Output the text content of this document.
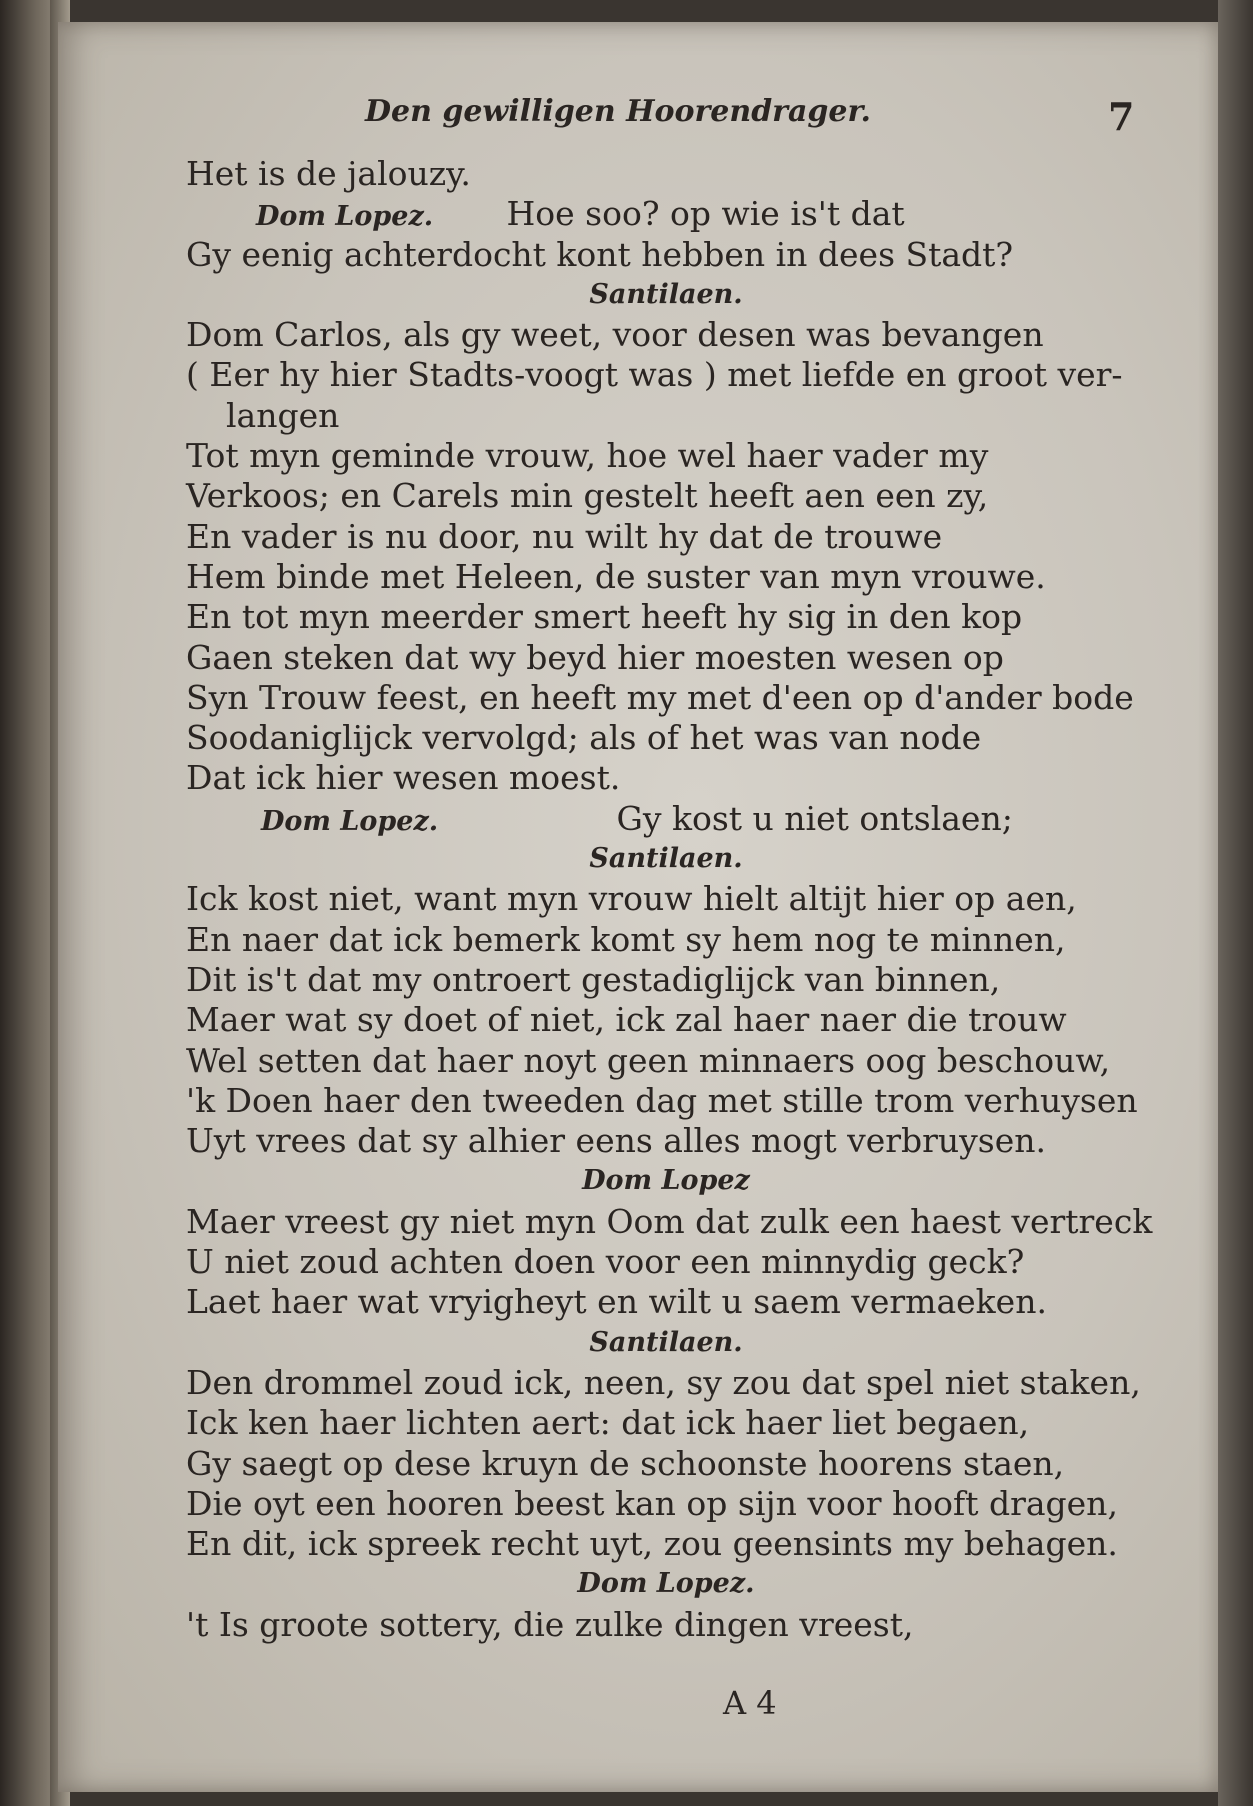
Den gewilligen Hoorendrager.	7
Het is de jalouzy.
Dom Lopez. Hoe soo? op wie is't dat
Gy eenig achterdocht kont hebben in dees Stadt?
Santilaen.
Dom Carlos, als gy weet, voor desen was bevangen
( Eer hy hier Stadts-voogt was ) met liefde en groot ver-
langen
Tot myn geminde vrouw, hoe wel haer vader my
Verkoos; en Carels min gestelt heeft aen een zy,
En vader is nu door, nu wilt hy dat de trouwe
Hem binde met Heleen, de suster van myn vrouwe.
En tot myn meerder smert heeft hy sig in den kop
Gaen steken dat wy beyd hier moesten wesen op
Syn Trouw feest, en heeft my met d'een op d'ander bode
Soodaniglijck vervolgd; als of het was van node
Dat ick hier wesen moest.
Dom Lopez.	Gy kost u niet ontslaen;
Santilaen.
Ick kost niet, want myn vrouw hielt altijt hier op aen,
En naer dat ick bemerk komt sy hem nog te minnen,
Dit is't dat my ontroert gestadiglijck van binnen,
Maer wat sy doet of niet, ick zal haer naer die trouw
Wel setten dat haer noyt geen minnaers oog beschouw,
'k Doen haer den tweeden dag met stille trom verhuysen
Uyt vrees dat sy alhier eens alles mogt verbruysen.
Dom Lopez
Maer vreest gy niet myn Oom dat zulk een haest vertreck
U niet zoud achten doen voor een minnydig geck?
Laet haer wat vryigheyt en wilt u saem vermaeken.
Santilaen.
Den drommel zoud ick, neen, sy zou dat spel niet staken,
Ick ken haer lichten aert: dat ick haer liet begaen,
Gy saegt op dese kruyn de schoonste hoorens staen,
Die oyt een hooren beest kan op sijn voor hooft dragen,
En dit, ick spreek recht uyt, zou geensints my behagen.
Dom Lopez.
't Is groote sottery, die zulke dingen vreest,
A 4
